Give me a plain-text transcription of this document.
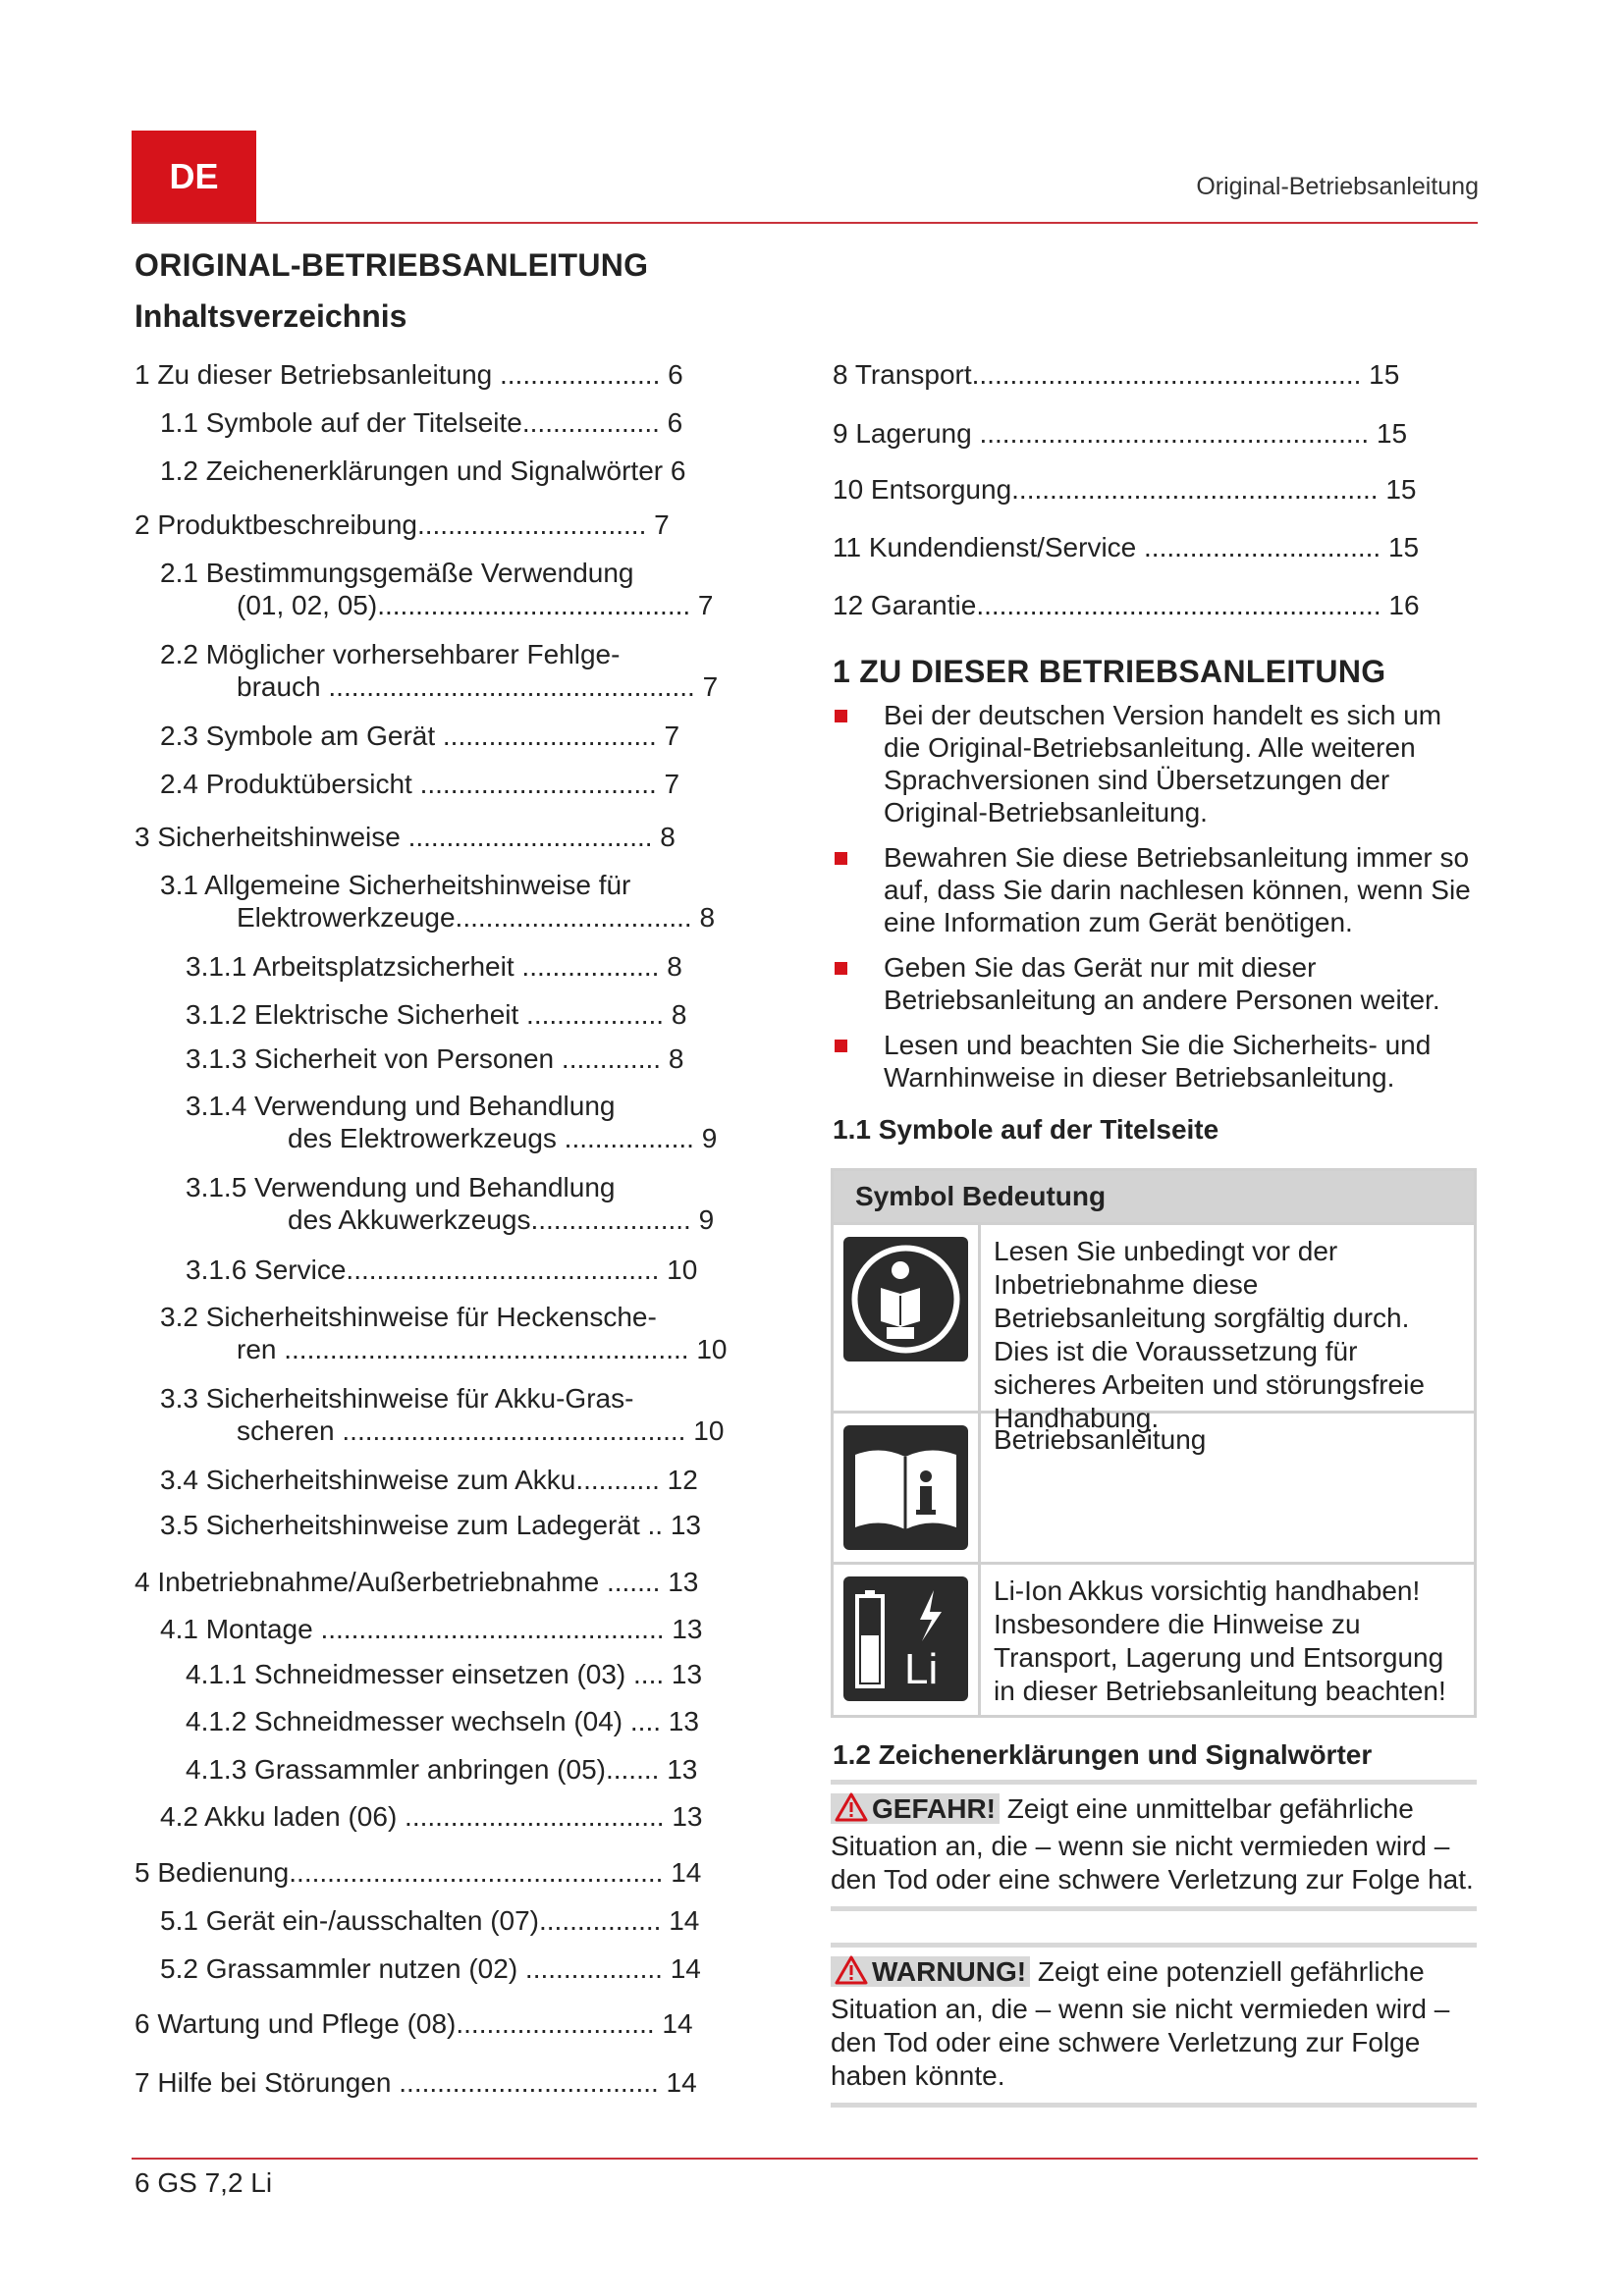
DE	Original-Betriebsanleitung
ORIGINAL-BETRIEBSANLEITUNG
Inhaltsverzeichnis
1 Zu dieser Betriebsanleitung ..................... 6
1.1 Symbole auf der Titelseite.................. 6
1.2 Zeichenerklärungen und Signalwörter 6
2 Produktbeschreibung.............................. 7
2.1 Bestimmungsgemäße Verwendung
(01, 02, 05)......................................... 7
2.2 Möglicher vorhersehbarer Fehlge-
brauch ................................................ 7
2.3 Symbole am Gerät ............................ 7
2.4 Produktübersicht ............................... 7
3 Sicherheitshinweise ................................ 8
3.1 Allgemeine Sicherheitshinweise für
Elektrowerkzeuge............................... 8
3.1.1 Arbeitsplatzsicherheit .................. 8
3.1.2 Elektrische Sicherheit .................. 8
3.1.3 Sicherheit von Personen ............. 8
3.1.4 Verwendung und Behandlung
des Elektrowerkzeugs ................. 9
3.1.5 Verwendung und Behandlung
des Akkuwerkzeugs..................... 9
3.1.6 Service......................................... 10
3.2 Sicherheitshinweise für Heckensche-
ren ..................................................... 10
3.3 Sicherheitshinweise für Akku-Gras-
scheren ............................................. 10
3.4 Sicherheitshinweise zum Akku........... 12
3.5 Sicherheitshinweise zum Ladegerät .. 13
4 Inbetriebnahme/Außerbetriebnahme ....... 13
4.1 Montage ............................................. 13
4.1.1 Schneidmesser einsetzen (03) .... 13
4.1.2 Schneidmesser wechseln (04) .... 13
4.1.3 Grassammler anbringen (05)....... 13
4.2 Akku laden (06) .................................. 13
5 Bedienung................................................. 14
5.1 Gerät ein-/ausschalten (07)................ 14
5.2 Grassammler nutzen (02) .................. 14
6 Wartung und Pflege (08).......................... 14
7 Hilfe bei Störungen .................................. 14
8 Transport................................................... 15
9 Lagerung ................................................... 15
10 Entsorgung................................................ 15
11 Kundendienst/Service ............................... 15
12 Garantie..................................................... 16
1 ZU DIESER BETRIEBSANLEITUNG
Bei der deutschen Version handelt es sich um die Original-Betriebsanleitung. Alle weiteren Sprachversionen sind Übersetzungen der Original-Betriebsanleitung.
Bewahren Sie diese Betriebsanleitung immer so auf, dass Sie darin nachlesen können, wenn Sie eine Information zum Gerät benötigen.
Geben Sie das Gerät nur mit dieser Betriebsanleitung an andere Personen weiter.
Lesen und beachten Sie die Sicherheits- und Warnhinweise in dieser Betriebsanleitung.
1.1 Symbole auf der Titelseite
Symbol Bedeutung
Lesen Sie unbedingt vor der Inbetriebnahme diese Betriebsanleitung sorgfältig durch. Dies ist die Voraussetzung für sicheres Arbeiten und störungsfreie Handhabung.
Betriebsanleitung
Li
Li-Ion Akkus vorsichtig handhaben! Insbesondere die Hinweise zu Transport, Lagerung und Entsorgung in dieser Betriebsanleitung beachten!
1.2 Zeichenerklärungen und Signalwörter
GEFAHR! Zeigt eine unmittelbar gefährliche Situation an, die – wenn sie nicht vermieden wird – den Tod oder eine schwere Verletzung zur Folge hat.
WARNUNG! Zeigt eine potenziell gefährliche Situation an, die – wenn sie nicht vermieden wird – den Tod oder eine schwere Verletzung zur Folge haben könnte.
6 GS 7,2 Li
